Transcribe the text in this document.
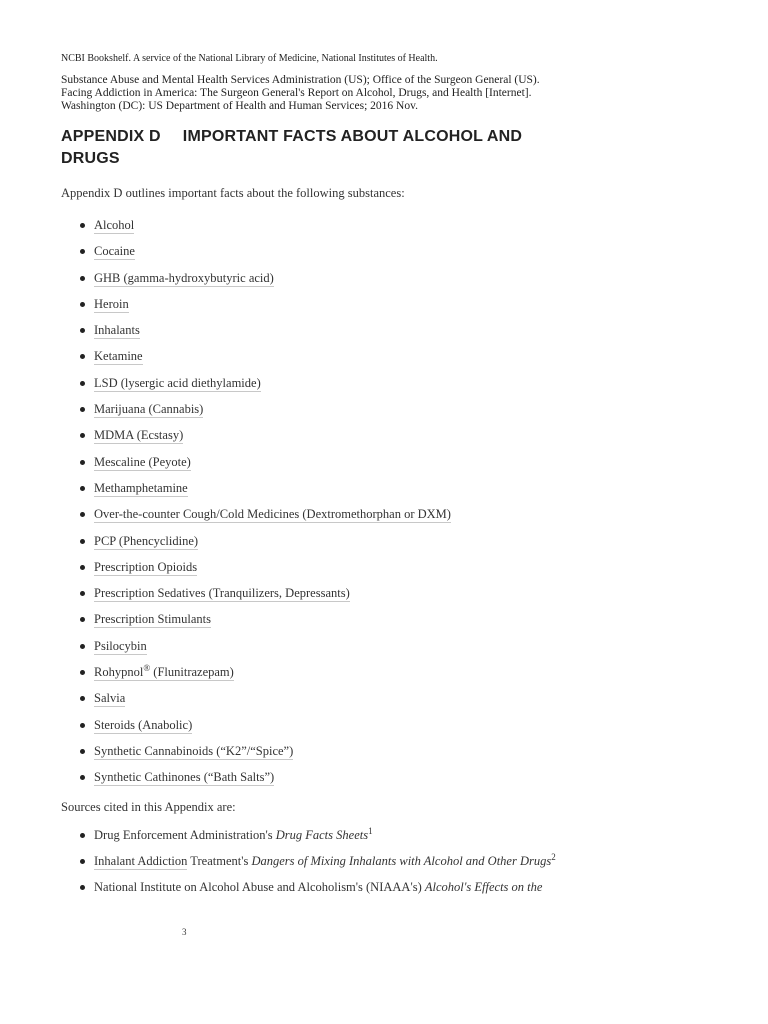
NCBI Bookshelf. A service of the National Library of Medicine, National Institutes of Health.
Substance Abuse and Mental Health Services Administration (US); Office of the Surgeon General (US).
Facing Addiction in America: The Surgeon General's Report on Alcohol, Drugs, and Health [Internet].
Washington (DC): US Department of Health and Human Services; 2016 Nov.
APPENDIX D IMPORTANT FACTS ABOUT ALCOHOL AND
DRUGS

Appendix D outlines important facts about the following substances:

Alcohol
Cocaine
GHB (gamma-hydroxybutyric acid)
Heroin
Inhalants
Ketamine
LSD (lysergic acid diethylamide)
Marijuana (Cannabis)
MDMA (Ecstasy)
Mescaline (Peyote)
Methamphetamine
Over-the-counter Cough/Cold Medicines (Dextromethorphan or DXM)
PCP (Phencyclidine)
Prescription Opioids
Prescription Sedatives (Tranquilizers, Depressants)
Prescription Stimulants
Psilocybin
Rohypnol® (Flunitrazepam)
Salvia
Steroids (Anabolic)
Synthetic Cannabinoids (“K2”/“Spice”)
Synthetic Cathinones (“Bath Salts”)

Sources cited in this Appendix are:

Drug Enforcement Administration's Drug Facts Sheets$^1$
Inhalant Addiction Treatment's Dangers of Mixing Inhalants with Alcohol and Other Drugs$^2$
National Institute on Alcohol Abuse and Alcoholism's (NIAAA's) Alcohol's Effects on the
3
